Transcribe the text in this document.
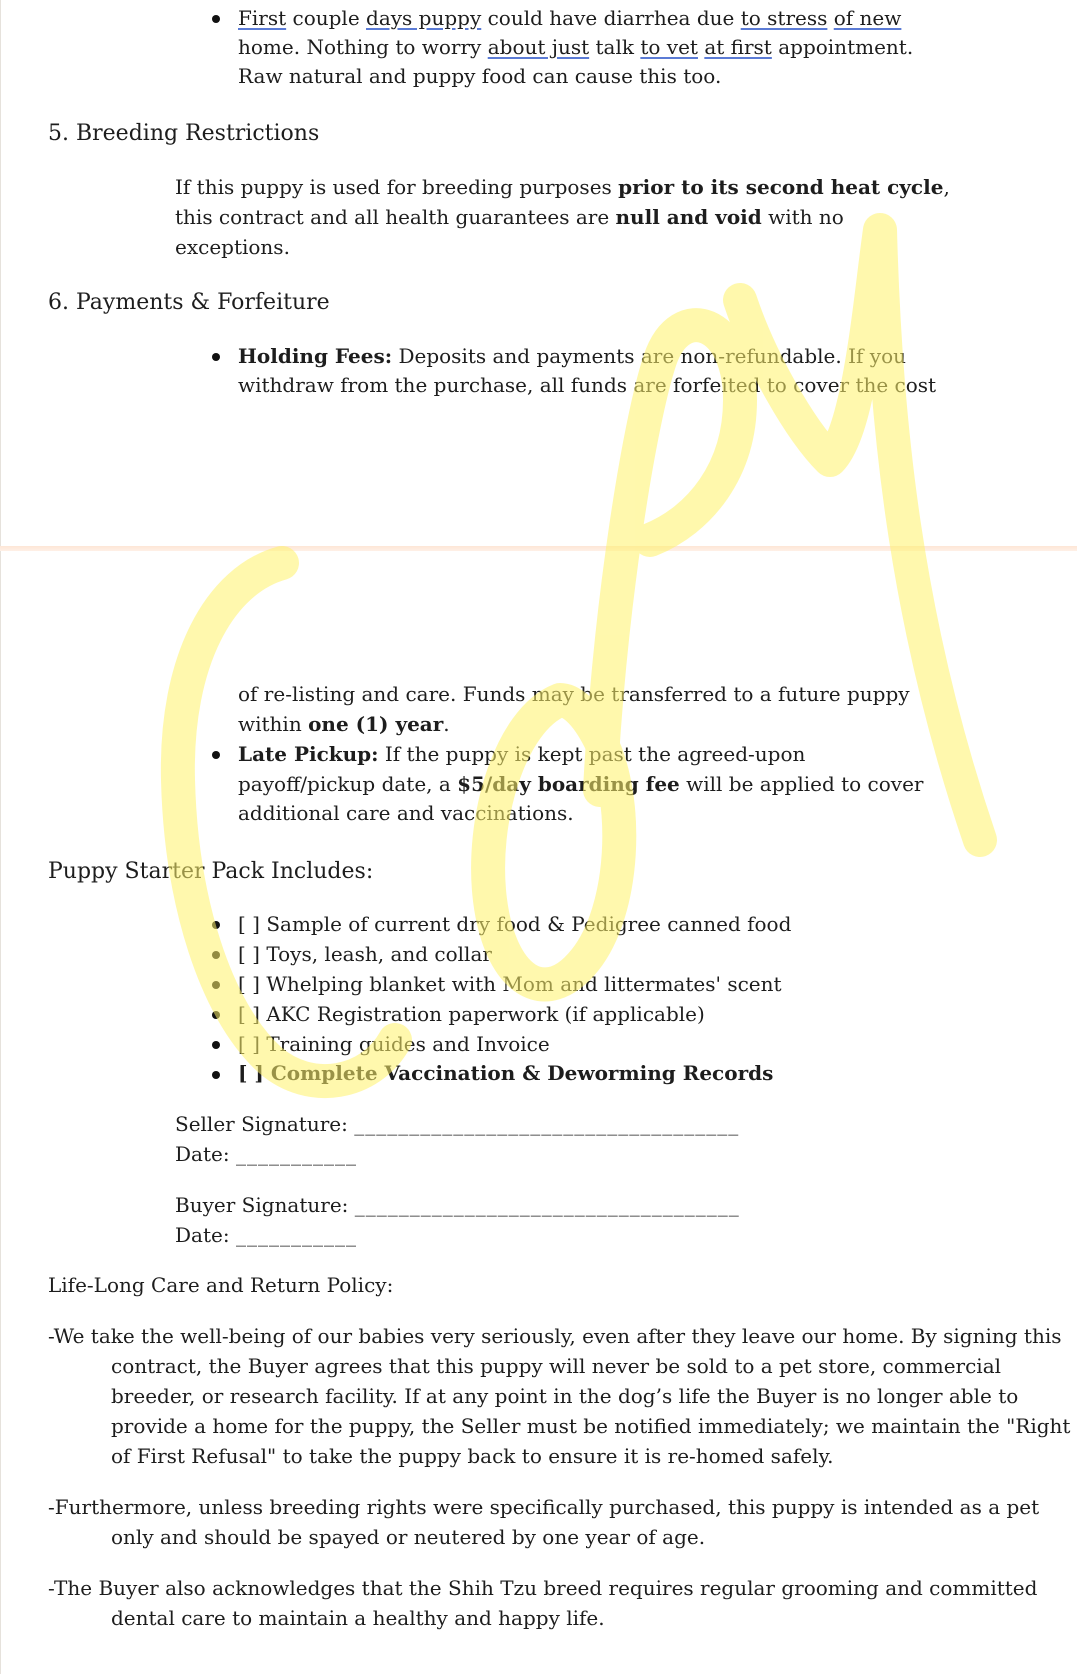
First couple days puppy could have diarrhea due to stress of new
home. Nothing to worry about just talk to vet at first appointment.
Raw natural and puppy food can cause this too.
5. Breeding Restrictions
If this puppy is used for breeding purposes prior to its second heat cycle,
this contract and all health guarantees are null and void with no
exceptions.
6. Payments & Forfeiture
Holding Fees: Deposits and payments are non-refundable. If you
withdraw from the purchase, all funds are forfeited to cover the cost
of re-listing and care. Funds may be transferred to a future puppy
within one (1) year.
Late Pickup: If the puppy is kept past the agreed-upon
payoff/pickup date, a $5/day boarding fee will be applied to cover
additional care and vaccinations.
Puppy Starter Pack Includes:
[ ] Sample of current dry food & Pedigree canned food
[ ] Toys, leash, and collar
[ ] Whelping blanket with Mom and littermates' scent
[ ] AKC Registration paperwork (if applicable)
[ ] Training guides and Invoice
[ ] Complete Vaccination & Deworming Records
Seller Signature: ___________________________________
Date: ___________
Buyer Signature: ___________________________________
Date: ___________
Life-Long Care and Return Policy:
-We take the well-being of our babies very seriously, even after they leave our home. By signing this
contract, the Buyer agrees that this puppy will never be sold to a pet store, commercial
breeder, or research facility. If at any point in the dog’s life the Buyer is no longer able to
provide a home for the puppy, the Seller must be notified immediately; we maintain the "Right
of First Refusal" to take the puppy back to ensure it is re-homed safely.
-Furthermore, unless breeding rights were specifically purchased, this puppy is intended as a pet
only and should be spayed or neutered by one year of age.
-The Buyer also acknowledges that the Shih Tzu breed requires regular grooming and committed
dental care to maintain a healthy and happy life.
